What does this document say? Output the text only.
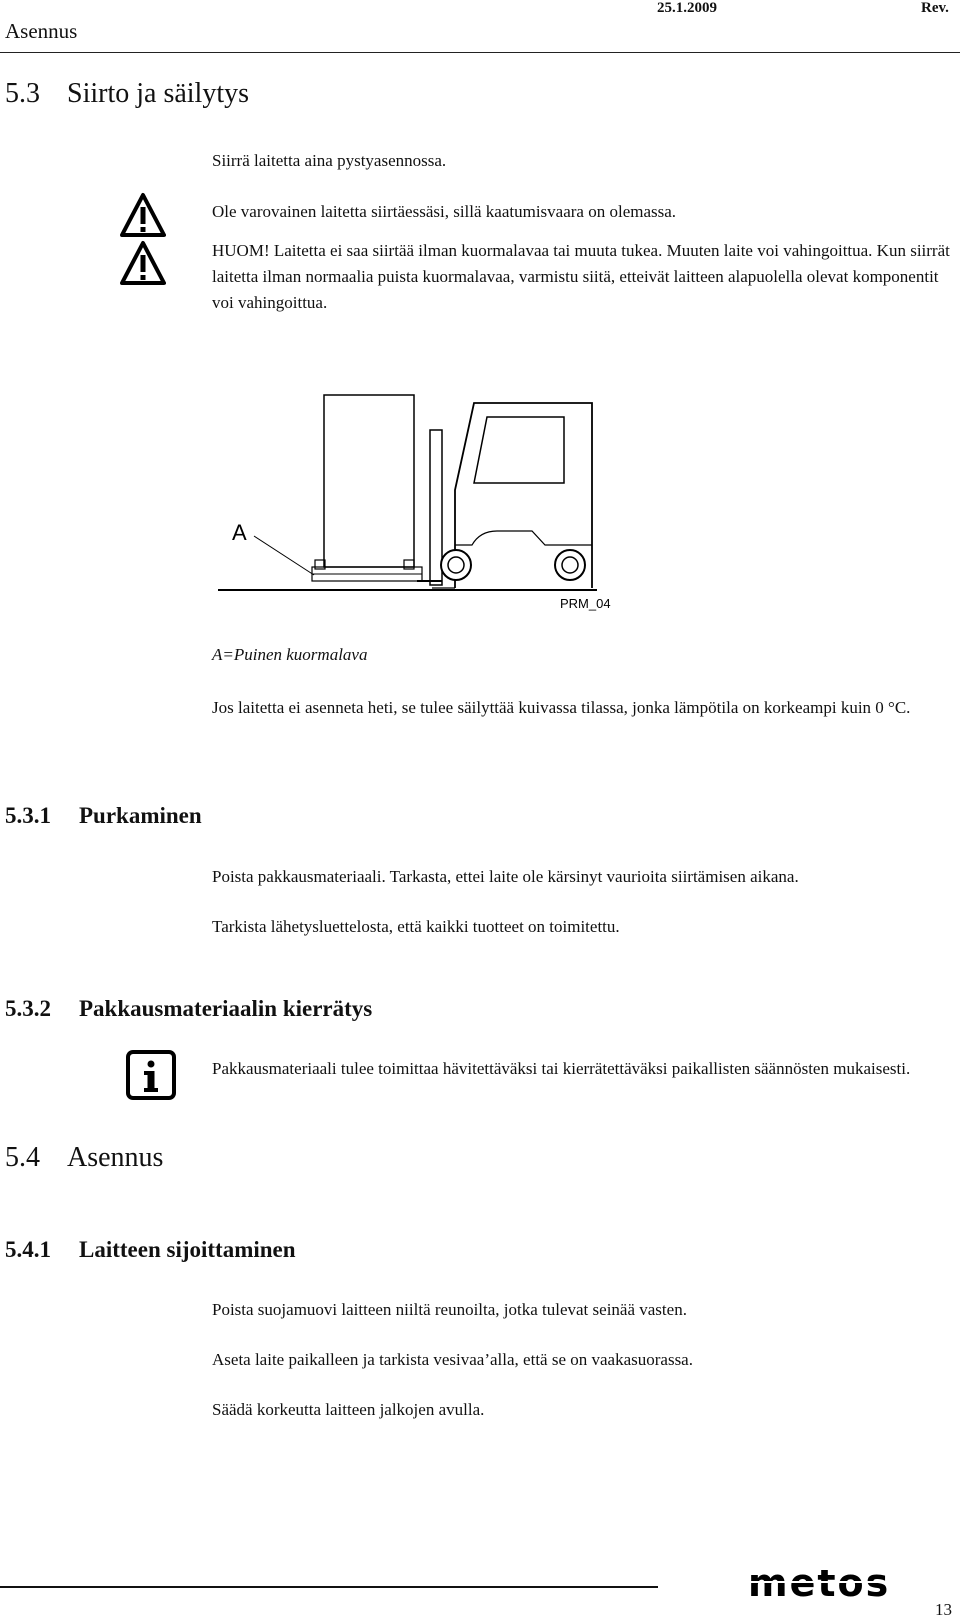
Asennus
25.1.2009	Rev.
5.3 Siirto ja säilytys
Siirrä laitetta aina pystyasennossa.
Ole varovainen laitetta siirtäessäsi, sillä kaatumisvaara on olemassa.
HUOM! Laitetta ei saa siirtää ilman kuormalavaa tai muuta tukea. Muuten laite voi vahingoittua. Kun siirrät laitetta ilman normaalia puista kuormalavaa, varmistu siitä, etteivät laitteen alapuolella olevat komponentit voi vahingoittua.
A
PRM_04
A=Puinen kuormalava
Jos laitetta ei asenneta heti, se tulee säilyttää kuivassa tilassa, jonka lämpötila on korkeampi kuin 0 °C.
5.3.1 Purkaminen
Poista pakkausmateriaali. Tarkasta, ettei laite ole kärsinyt vaurioita siirtämisen aikana.
Tarkista lähetysluettelosta, että kaikki tuotteet on toimitettu.
5.3.2 Pakkausmateriaalin kierrätys
Pakkausmateriaali tulee toimittaa hävitettäväksi tai kierrätettäväksi paikallisten säännösten mukaisesti.
5.4 Asennus
5.4.1 Laitteen sijoittaminen
Poista suojamuovi laitteen niiltä reunoilta, jotka tulevat seinää vasten.
Aseta laite paikalleen ja tarkista vesivaa’alla, että se on vaakasuorassa.
Säädä korkeutta laitteen jalkojen avulla.
metos
13
